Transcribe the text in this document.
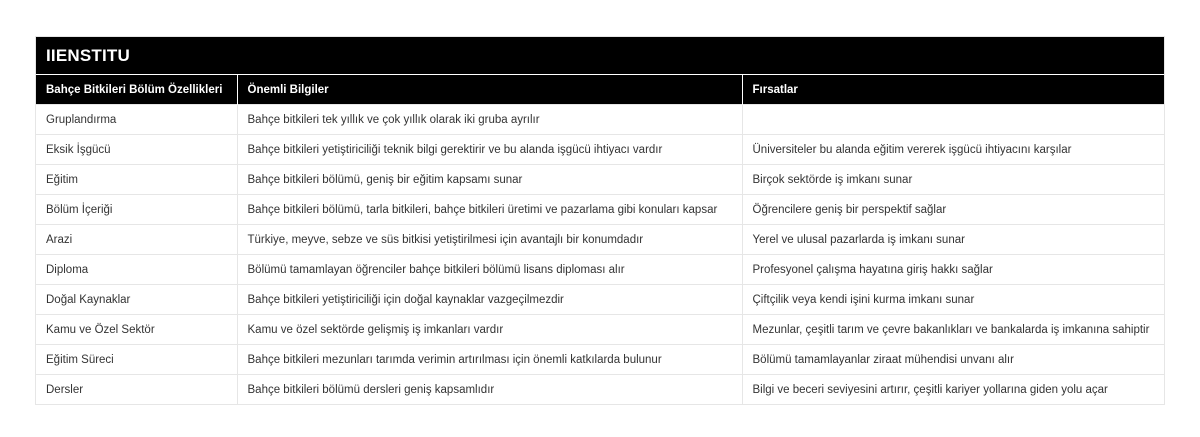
IIENSTITU
Bahçe Bitkileri Bölüm Özellikleri	Önemli Bilgiler	Fırsatlar
Gruplandırma	Bahçe bitkileri tek yıllık ve çok yıllık olarak iki gruba ayrılır	
Eksik İşgücü	Bahçe bitkileri yetiştiriciliği teknik bilgi gerektirir ve bu alanda işgücü ihtiyacı vardır	Üniversiteler bu alanda eğitim vererek işgücü ihtiyacını karşılar
Eğitim	Bahçe bitkileri bölümü, geniş bir eğitim kapsamı sunar	Birçok sektörde iş imkanı sunar
Bölüm İçeriği	Bahçe bitkileri bölümü, tarla bitkileri, bahçe bitkileri üretimi ve pazarlama gibi konuları kapsar	Öğrencilere geniş bir perspektif sağlar
Arazi	Türkiye, meyve, sebze ve süs bitkisi yetiştirilmesi için avantajlı bir konumdadır	Yerel ve ulusal pazarlarda iş imkanı sunar
Diploma	Bölümü tamamlayan öğrenciler bahçe bitkileri bölümü lisans diploması alır	Profesyonel çalışma hayatına giriş hakkı sağlar
Doğal Kaynaklar	Bahçe bitkileri yetiştiriciliği için doğal kaynaklar vazgeçilmezdir	Çiftçilik veya kendi işini kurma imkanı sunar
Kamu ve Özel Sektör	Kamu ve özel sektörde gelişmiş iş imkanları vardır	Mezunlar, çeşitli tarım ve çevre bakanlıkları ve bankalarda iş imkanına sahiptir
Eğitim Süreci	Bahçe bitkileri mezunları tarımda verimin artırılması için önemli katkılarda bulunur	Bölümü tamamlayanlar ziraat mühendisi unvanı alır
Dersler	Bahçe bitkileri bölümü dersleri geniş kapsamlıdır	Bilgi ve beceri seviyesini artırır, çeşitli kariyer yollarına giden yolu açar
